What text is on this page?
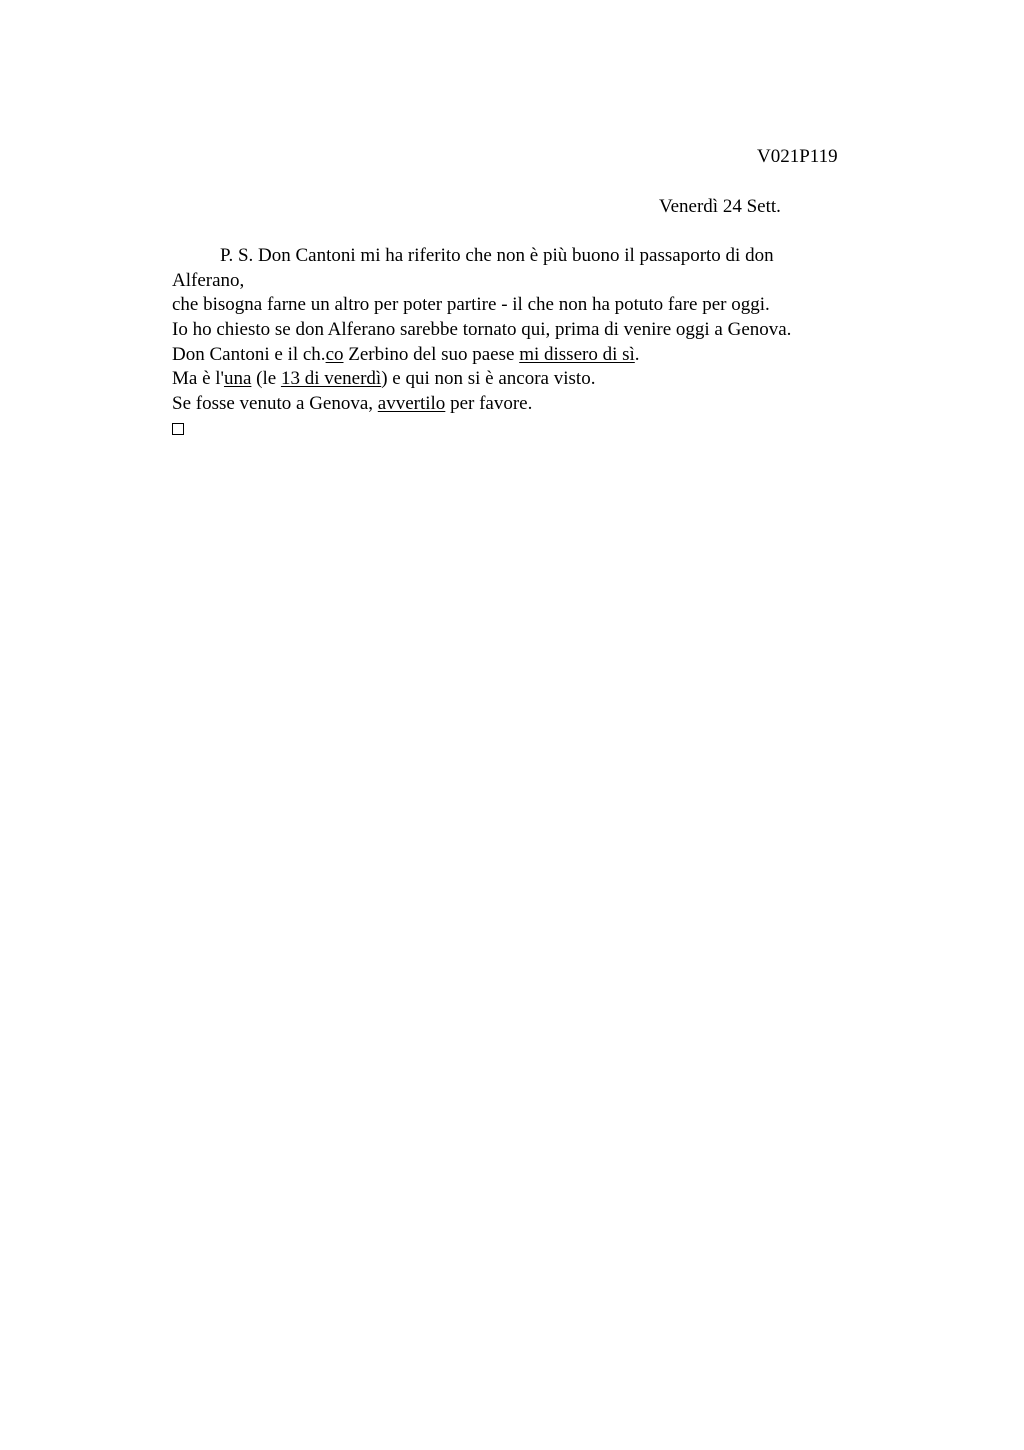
V021P119
Venerdì 24 Sett.
P. S. Don Cantoni mi ha riferito che non è più buono il passaporto di don
Alferano,
che bisogna farne un altro per poter partire - il che non ha potuto fare per oggi.
Io ho chiesto se don Alferano sarebbe tornato qui, prima di venire oggi a Genova.
Don Cantoni e il ch.co Zerbino del suo paese mi dissero di sì.
Ma è l'una (le 13 di venerdì) e qui non si è ancora visto.
Se fosse venuto a Genova, avvertilo per favore.
